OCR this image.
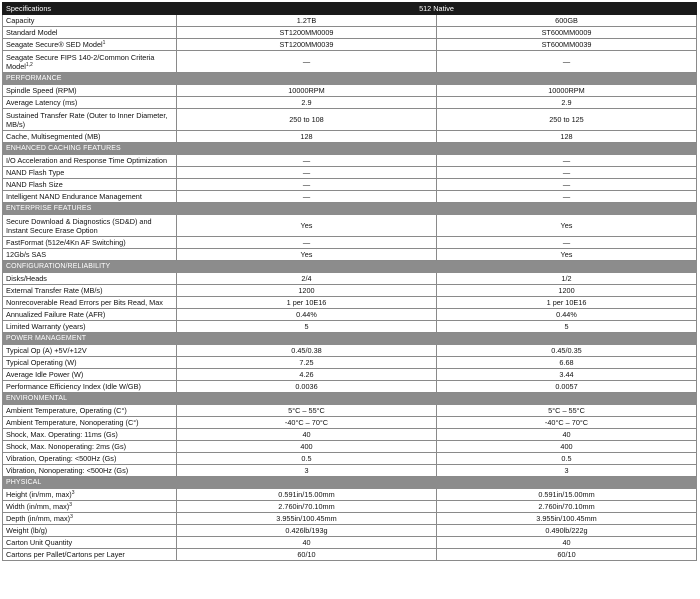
Specifications	512 Native	
Capacity	1.2TB	600GB
Standard Model	ST1200MM0009	ST600MM0009
Seagate Secure® SED Model$^1$	ST1200MM0039	ST600MM0039
Seagate Secure FIPS 140-2/Common Criteria Model$^{1,2}$	—	—
PERFORMANCE		
Spindle Speed (RPM)	10000RPM	10000RPM
Average Latency (ms)	2.9	2.9
Sustained Transfer Rate (Outer to Inner Diameter, MB/s)	250 to 108	250 to 125
Cache, Multisegmented (MB)	128	128
ENHANCED CACHING FEATURES		
I/O Acceleration and Response Time Optimization	—	—
NAND Flash Type	—	—
NAND Flash Size	—	—
Intelligent NAND Endurance Management	—	—
ENTERPRISE FEATURES		
Secure Download & Diagnostics (SD&D) and Instant Secure Erase Option	Yes	Yes
FastFormat (512e/4Kn AF Switching)	—	—
12Gb/s SAS	Yes	Yes
CONFIGURATION/RELIABILITY		
Disks/Heads	2/4	1/2
External Transfer Rate (MB/s)	1200	1200
Nonrecoverable Read Errors per Bits Read, Max	1 per 10E16	1 per 10E16
Annualized Failure Rate (AFR)	0.44%	0.44%
Limited Warranty (years)	5	5
POWER MANAGEMENT		
Typical Op (A) +5V/+12V	0.45/0.38	0.45/0.35
Typical Operating (W)	7.25	6.68
Average Idle Power (W)	4.26	3.44
Performance Efficiency Index (Idle W/GB)	0.0036	0.0057
ENVIRONMENTAL		
Ambient Temperature, Operating (C°)	5°C – 55°C	5°C – 55°C
Ambient Temperature, Nonoperating (C°)	-40°C – 70°C	-40°C – 70°C
Shock, Max. Operating: 11ms (Gs)	40	40
Shock, Max. Nonoperating: 2ms (Gs)	400	400
Vibration, Operating: <500Hz (Gs)	0.5	0.5
Vibration, Nonoperating: <500Hz (Gs)	3	3
PHYSICAL		
Height (in/mm, max)$^3$	0.591in/15.00mm	0.591in/15.00mm
Width (in/mm, max)$^3$	2.760in/70.10mm	2.760in/70.10mm
Depth (in/mm, max)$^3$	3.955in/100.45mm	3.955in/100.45mm
Weight (lb/g)	0.426lb/193g	0.490lb/222g
Carton Unit Quantity	40	40
Cartons per Pallet/Cartons per Layer	60/10	60/10
